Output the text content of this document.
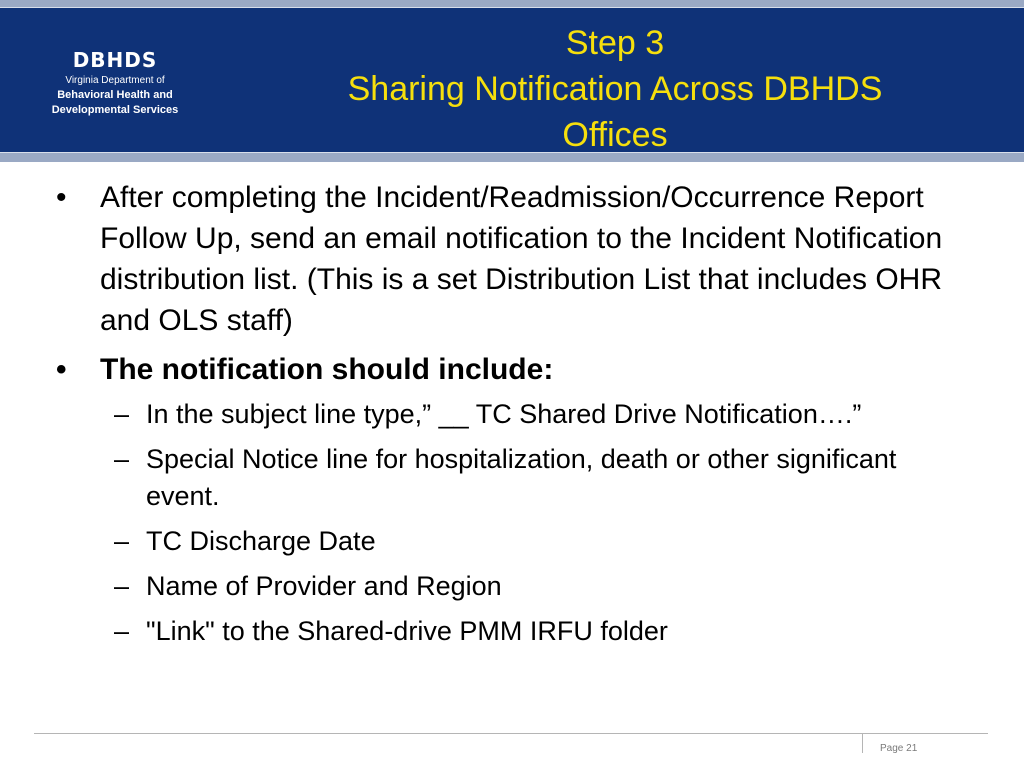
DBHDS
Virginia Department of
Behavioral Health and
Developmental Services
Step 3
Sharing Notification Across DBHDS
Offices
•	After completing the Incident/Readmission/Occurrence Report Follow Up, send an email notification to the Incident Notification distribution list. (This is a set Distribution List that includes OHR and OLS staff)
•	The notification should include:
– In the subject line type,” __ TC Shared Drive Notification….”
– Special Notice line for hospitalization, death or other significant event.
– TC Discharge Date
– Name of Provider and Region
– "Link" to the Shared-drive PMM IRFU folder
Page 21
